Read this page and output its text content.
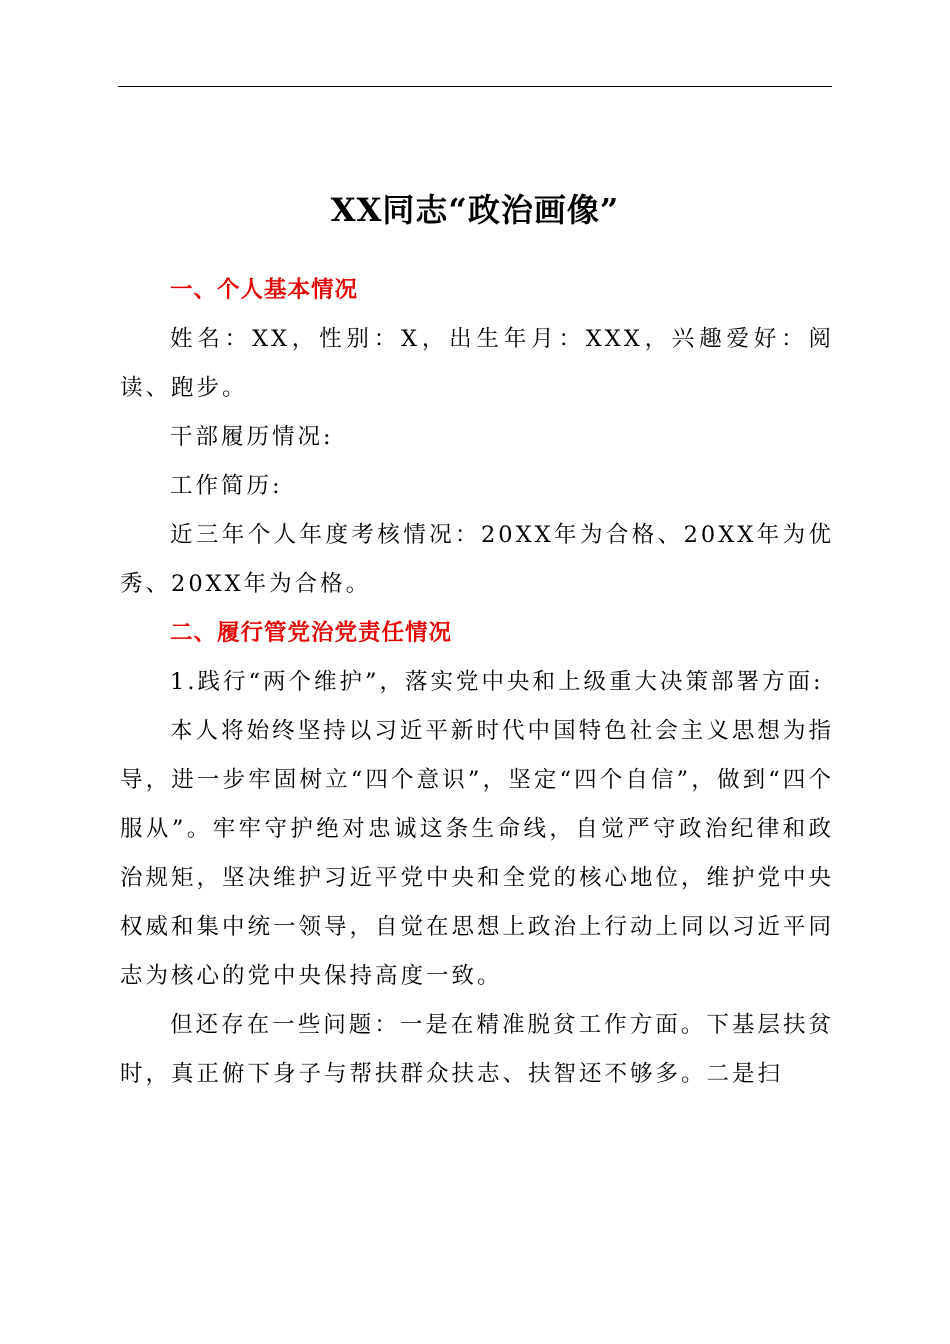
XX同志“政治画像”
一、个人基本情况

姓名：XX，性别：X，出生年月：XXX，兴趣爱好：阅读、跑步。

干部履历情况:

工作简历:

近三年个人年度考核情况：20XX年为合格、20XX年为优秀、20XX年为合格。

二、履行管党治党责任情况

1.践行“两个维护”，落实党中央和上级重大决策部署方面:

本人将始终坚持以习近平新时代中国特色社会主义思想为指导，进一步牢固树立“四个意识”，坚定“四个自信”，做到“四个服从”。牢牢守护绝对忠诚这条生命线，自觉严守政治纪律和政治规矩，坚决维护习近平党中央和全党的核心地位，维护党中央权威和集中统一领导，自觉在思想上政治上行动上同以习近平同志为核心的党中央保持高度一致。

但还存在一些问题：一是在精准脱贫工作方面。下基层扶贫时，真正俯下身子与帮扶群众扶志、扶智还不够多。二是扫
